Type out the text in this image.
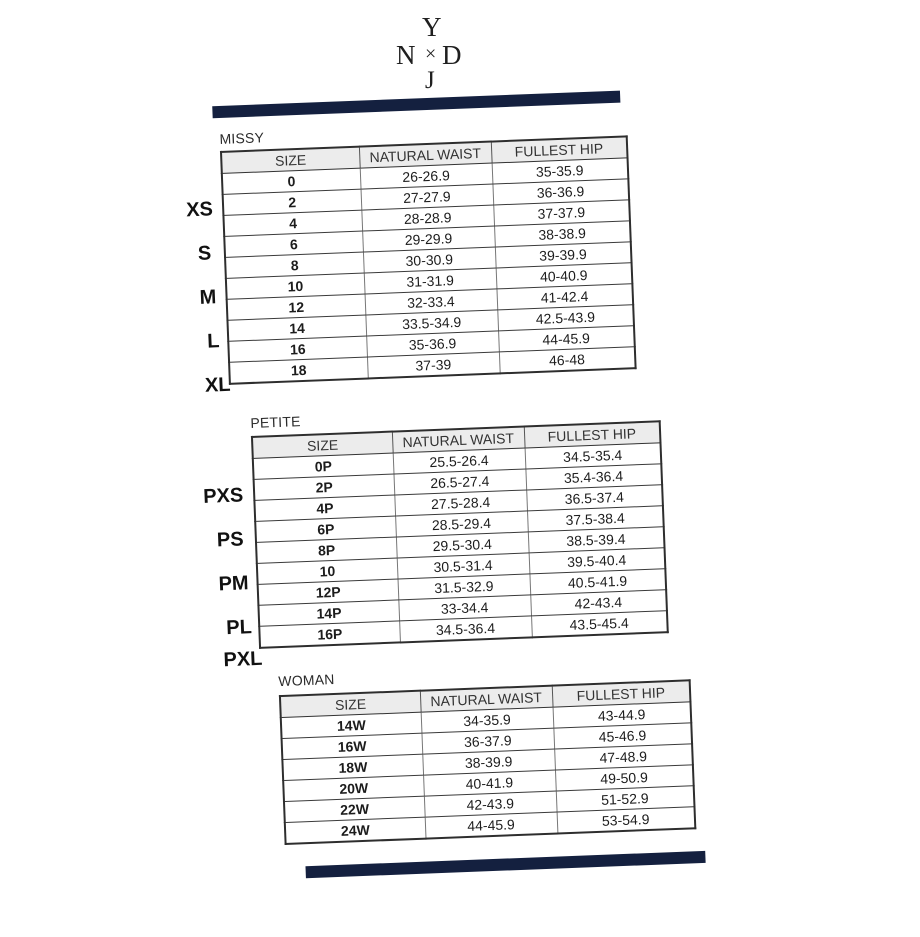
Y
N × D
J
MISSY
SIZE	NATURAL WAIST	FULLEST HIP
0	26-26.9	35-35.9
2	27-27.9	36-36.9
4	28-28.9	37-37.9
6	29-29.9	38-38.9
8	30-30.9	39-39.9
10	31-31.9	40-40.9
12	32-33.4	41-42.4
14	33.5-34.9	42.5-43.9
16	35-36.9	44-45.9
18	37-39	46-48
XS
S
M
L
XL
PETITE
SIZE	NATURAL WAIST	FULLEST HIP
0P	25.5-26.4	34.5-35.4
2P	26.5-27.4	35.4-36.4
4P	27.5-28.4	36.5-37.4
6P	28.5-29.4	37.5-38.4
8P	29.5-30.4	38.5-39.4
10	30.5-31.4	39.5-40.4
12P	31.5-32.9	40.5-41.9
14P	33-34.4	42-43.4
16P	34.5-36.4	43.5-45.4
PXS
PS
PM
PL
PXL
WOMAN
SIZE	NATURAL WAIST	FULLEST HIP
14W	34-35.9	43-44.9
16W	36-37.9	45-46.9
18W	38-39.9	47-48.9
20W	40-41.9	49-50.9
22W	42-43.9	51-52.9
24W	44-45.9	53-54.9
